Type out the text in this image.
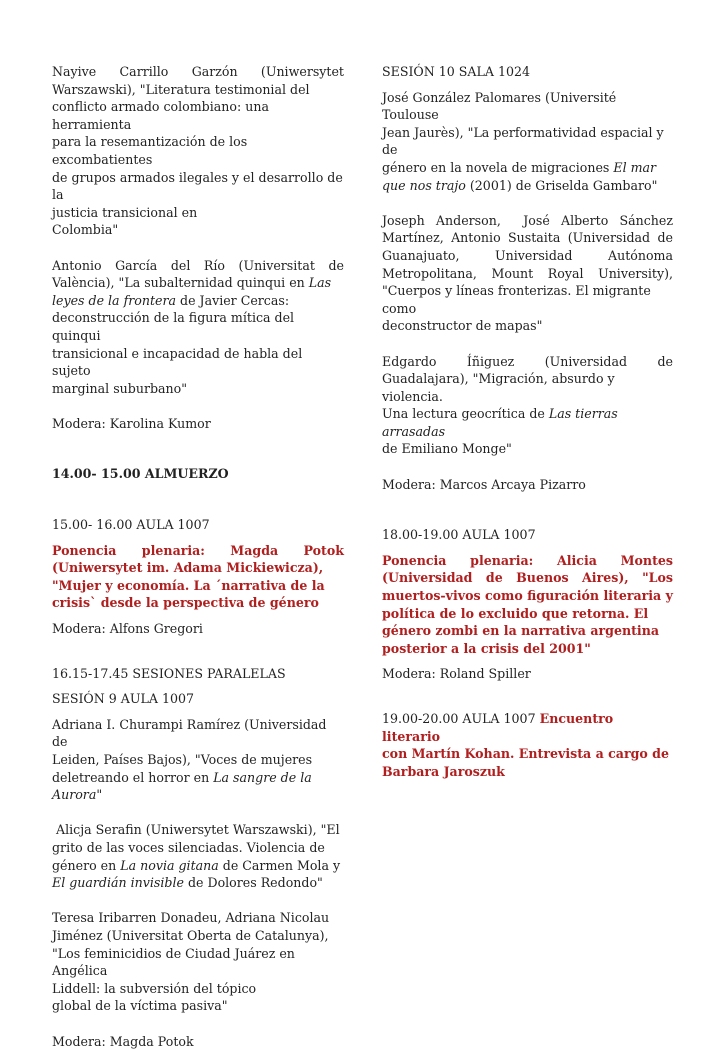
Nayive Carrillo Garzón (Uniwersytet
Warszawski), "Literatura testimonial del
conflicto armado colombiano: una herramienta
para la resemantización de los excombatientes
de grupos armados ilegales y el desarrollo de la
justicia transicional en
Colombia"
Antonio García del Río (Universitat de
València), "La subalternidad quinqui en Las
leyes de la frontera de Javier Cercas:
deconstrucción de la figura mítica del quinqui
transicional e incapacidad de habla del sujeto
marginal suburbano"

Modera: Karolina Kumor

14.00- 15.00 ALMUERZO

15.00- 16.00 AULA 1007

Ponencia plenaria: Magda Potok
(Uniwersytet im. Adama Mickiewicza),
"Mujer y economía. La ´narrativa de la
crisis` desde la perspectiva de género

Modera: Alfons Gregori

16.15-17.45 SESIONES PARALELAS

SESIÓN 9 AULA 1007

Adriana I. Churampi Ramírez (Universidad de
Leiden, Países Bajos), "Voces de mujeres
deletreando el horror en La sangre de la
Aurora"
Alicja Serafin (Uniwersytet Warszawski), "El
grito de las voces silenciadas. Violencia de
género en La novia gitana de Carmen Mola y
El guardián invisible de Dolores Redondo"
Teresa Iribarren Donadeu, Adriana Nicolau
Jiménez (Universitat Oberta de Catalunya),
"Los feminicidios de Ciudad Juárez en Angélica
Liddell: la subversión del tópico
global de la víctima pasiva"

Modera: Magda Potok

SESIÓN 10 SALA 1024

José González Palomares (Université Toulouse
Jean Jaurès), "La performatividad espacial y de
género en la novela de migraciones El mar
que nos trajo (2001) de Griselda Gambaro"
Joseph Anderson,  José Alberto Sánchez
Martínez, Antonio Sustaita (Universidad de
Guanajuato, Universidad Autónoma
Metropolitana, Mount Royal University),
"Cuerpos y líneas fronterizas. El migrante como
deconstructor de mapas"
Edgardo Íñiguez (Universidad de
Guadalajara), "Migración, absurdo y violencia.
Una lectura geocrítica de Las tierras arrasadas
de Emiliano Monge"

Modera: Marcos Arcaya Pizarro

18.00-19.00 AULA 1007

Ponencia plenaria: Alicia Montes
(Universidad de Buenos Aires), "Los
muertos-vivos como figuración literaria y
política de lo excluido que retorna. El
género zombi en la narrativa argentina
posterior a la crisis del 2001"

Modera: Roland Spiller

19.00-20.00 AULA 1007 Encuentro literario
con Martín Kohan. Entrevista a cargo de
Barbara Jaroszuk
